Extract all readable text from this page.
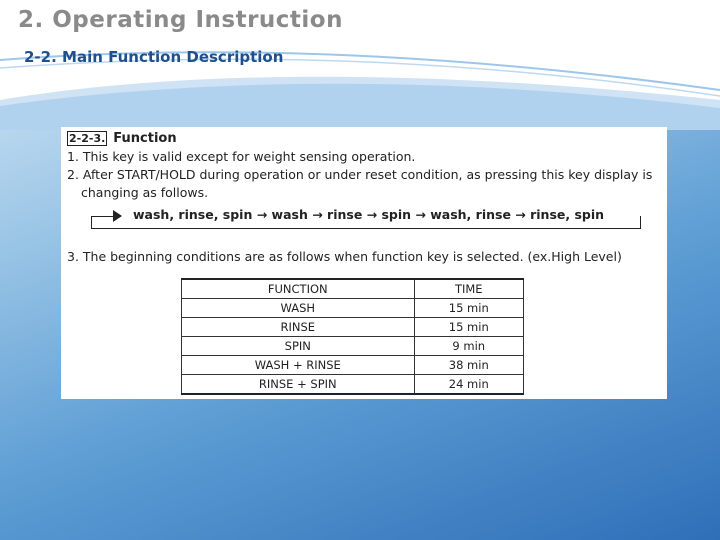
2. Operating Instruction
2-2. Main Function Description
2-2-3. Function
1. This key is valid except for weight sensing operation.
2. After START/HOLD during operation or under reset condition, as pressing this key display is
changing as follows.
wash, rinse, spin → wash → rinse → spin → wash, rinse → rinse, spin
3. The beginning conditions are as follows when function key is selected. (ex.High Level)
FUNCTION	TIME
WASH	15 min
RINSE	15 min
SPIN	9 min
WASH + RINSE	38 min
RINSE + SPIN	24 min
